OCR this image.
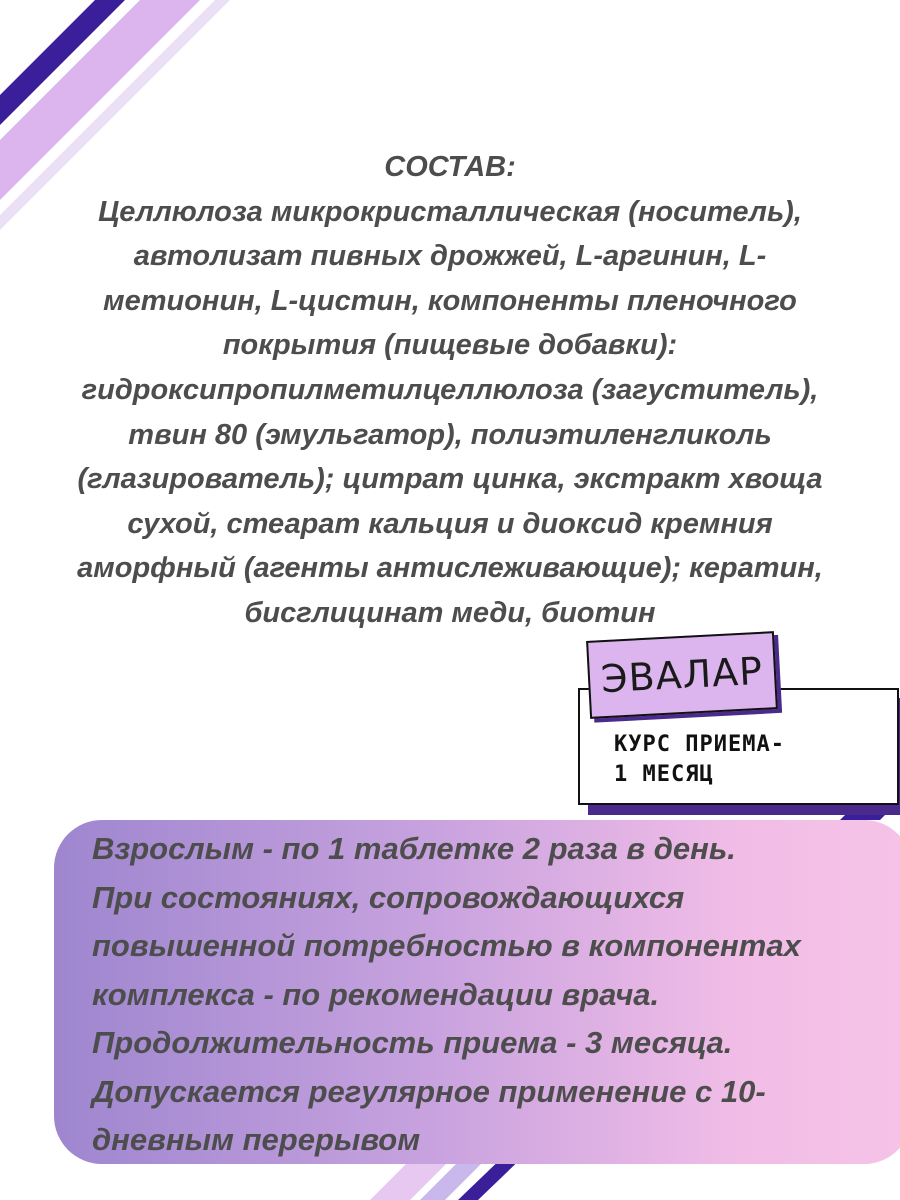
СОСТАВ:

Целлюлоза микрокристаллическая (носитель),

автолизат пивных дрожжей, L-аргинин, L-

метионин, L-цистин, компоненты пленочного

покрытия (пищевые добавки):

гидроксипропилметилцеллюлоза (загуститель),

твин 80 (эмульгатор), полиэтиленгликоль

(глазирователь); цитрат цинка, экстракт хвоща

сухой, стеарат кальция и диоксид кремния

аморфный (агенты антислеживающие); кератин,

бисглицинат меди, биотин

ЭВАЛАР

КУРС ПРИЕМА-

1 МЕСЯЦ

Взрослым - по 1 таблетке 2 раза в день.

При состояниях, сопровождающихся

повышенной потребностью в компонентах

комплекса - по рекомендации врача.

Продолжительность приема - 3 месяца.

Допускается регулярное применение с 10-

дневным перерывом
